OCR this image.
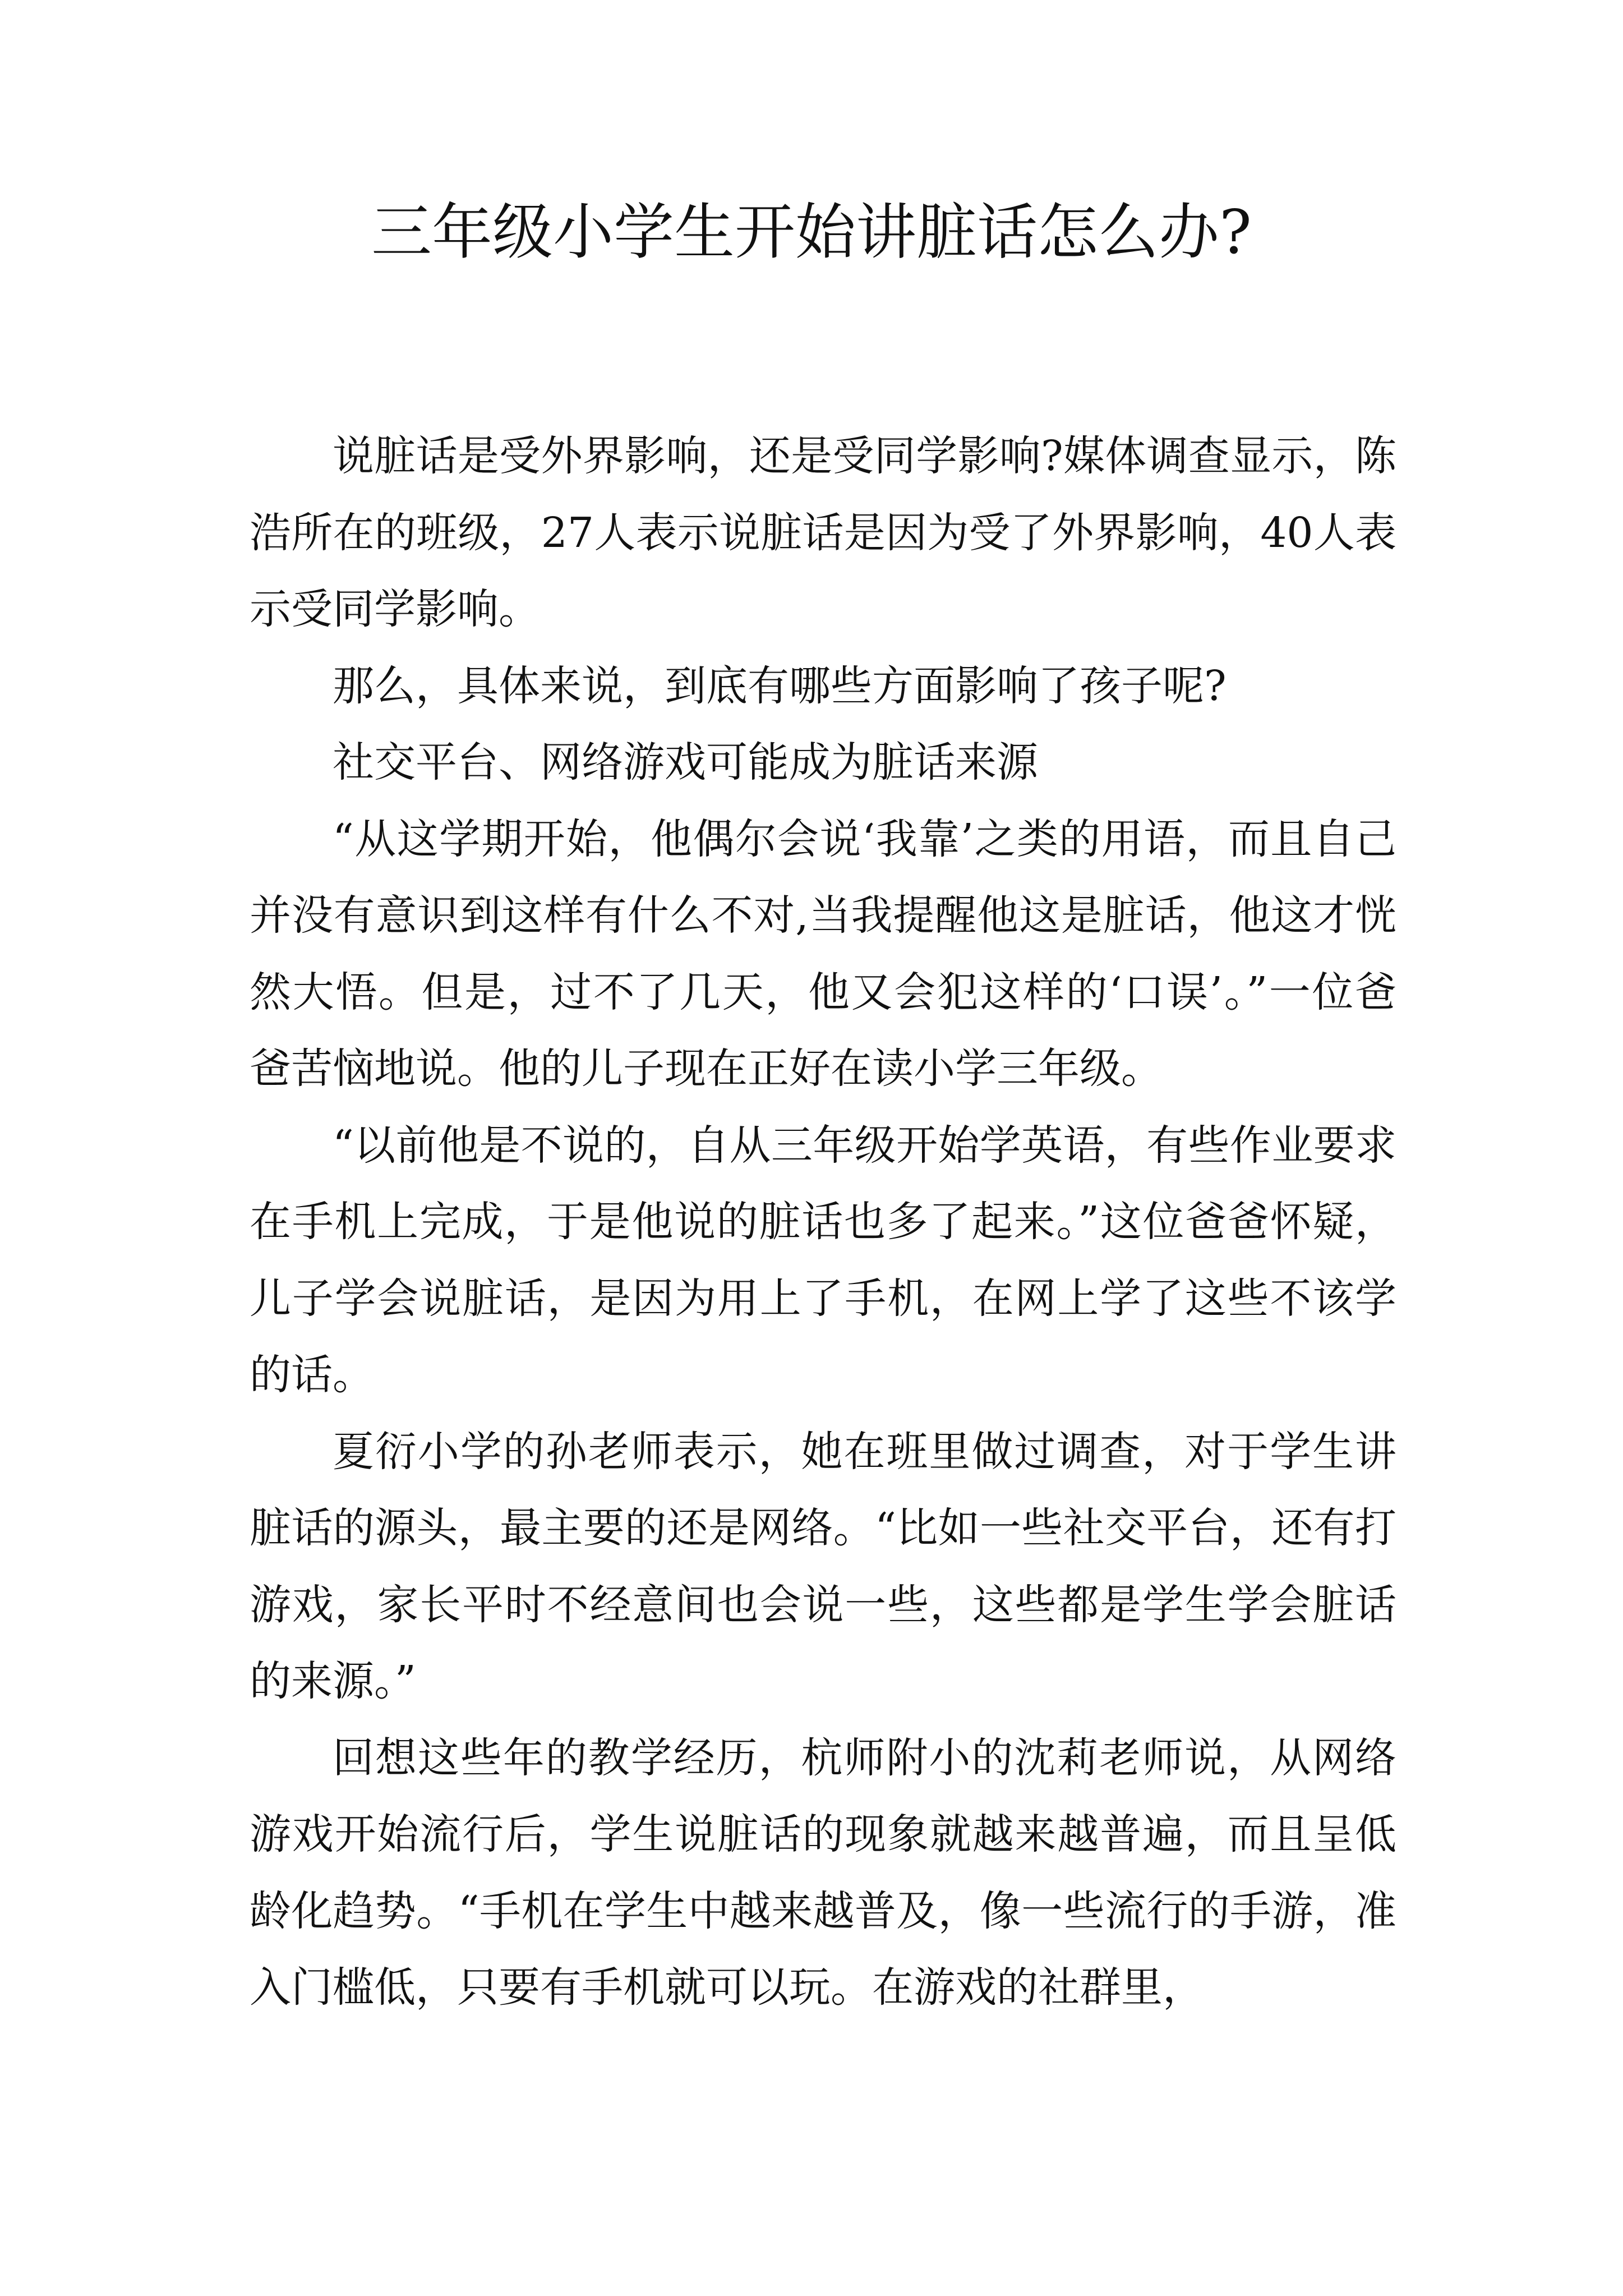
三年级小学生开始讲脏话怎么办?

说脏话是受外界影响，还是受同学影响?媒体调查显示，陈浩所在的班级，27人表示说脏话是因为受了外界影响，40人表示受同学影响。

那么，具体来说，到底有哪些方面影响了孩子呢?

社交平台、网络游戏可能成为脏话来源

“从这学期开始，他偶尔会说‘我靠’之类的用语，而且自己并没有意识到这样有什么不对,当我提醒他这是脏话，他这才恍然大悟。但是，过不了几天，他又会犯这样的‘口误’。”一位爸爸苦恼地说。他的儿子现在正好在读小学三年级。

“以前他是不说的，自从三年级开始学英语，有些作业要求在手机上完成，于是他说的脏话也多了起来。”这位爸爸怀疑，儿子学会说脏话，是因为用上了手机，在网上学了这些不该学的话。

夏衍小学的孙老师表示，她在班里做过调查，对于学生讲脏话的源头，最主要的还是网络。“比如一些社交平台，还有打游戏，家长平时不经意间也会说一些，这些都是学生学会脏话的来源。”

回想这些年的教学经历，杭师附小的沈莉老师说，从网络游戏开始流行后，学生说脏话的现象就越来越普遍，而且呈低龄化趋势。“手机在学生中越来越普及，像一些流行的手游，准入门槛低，只要有手机就可以玩。在游戏的社群里，
